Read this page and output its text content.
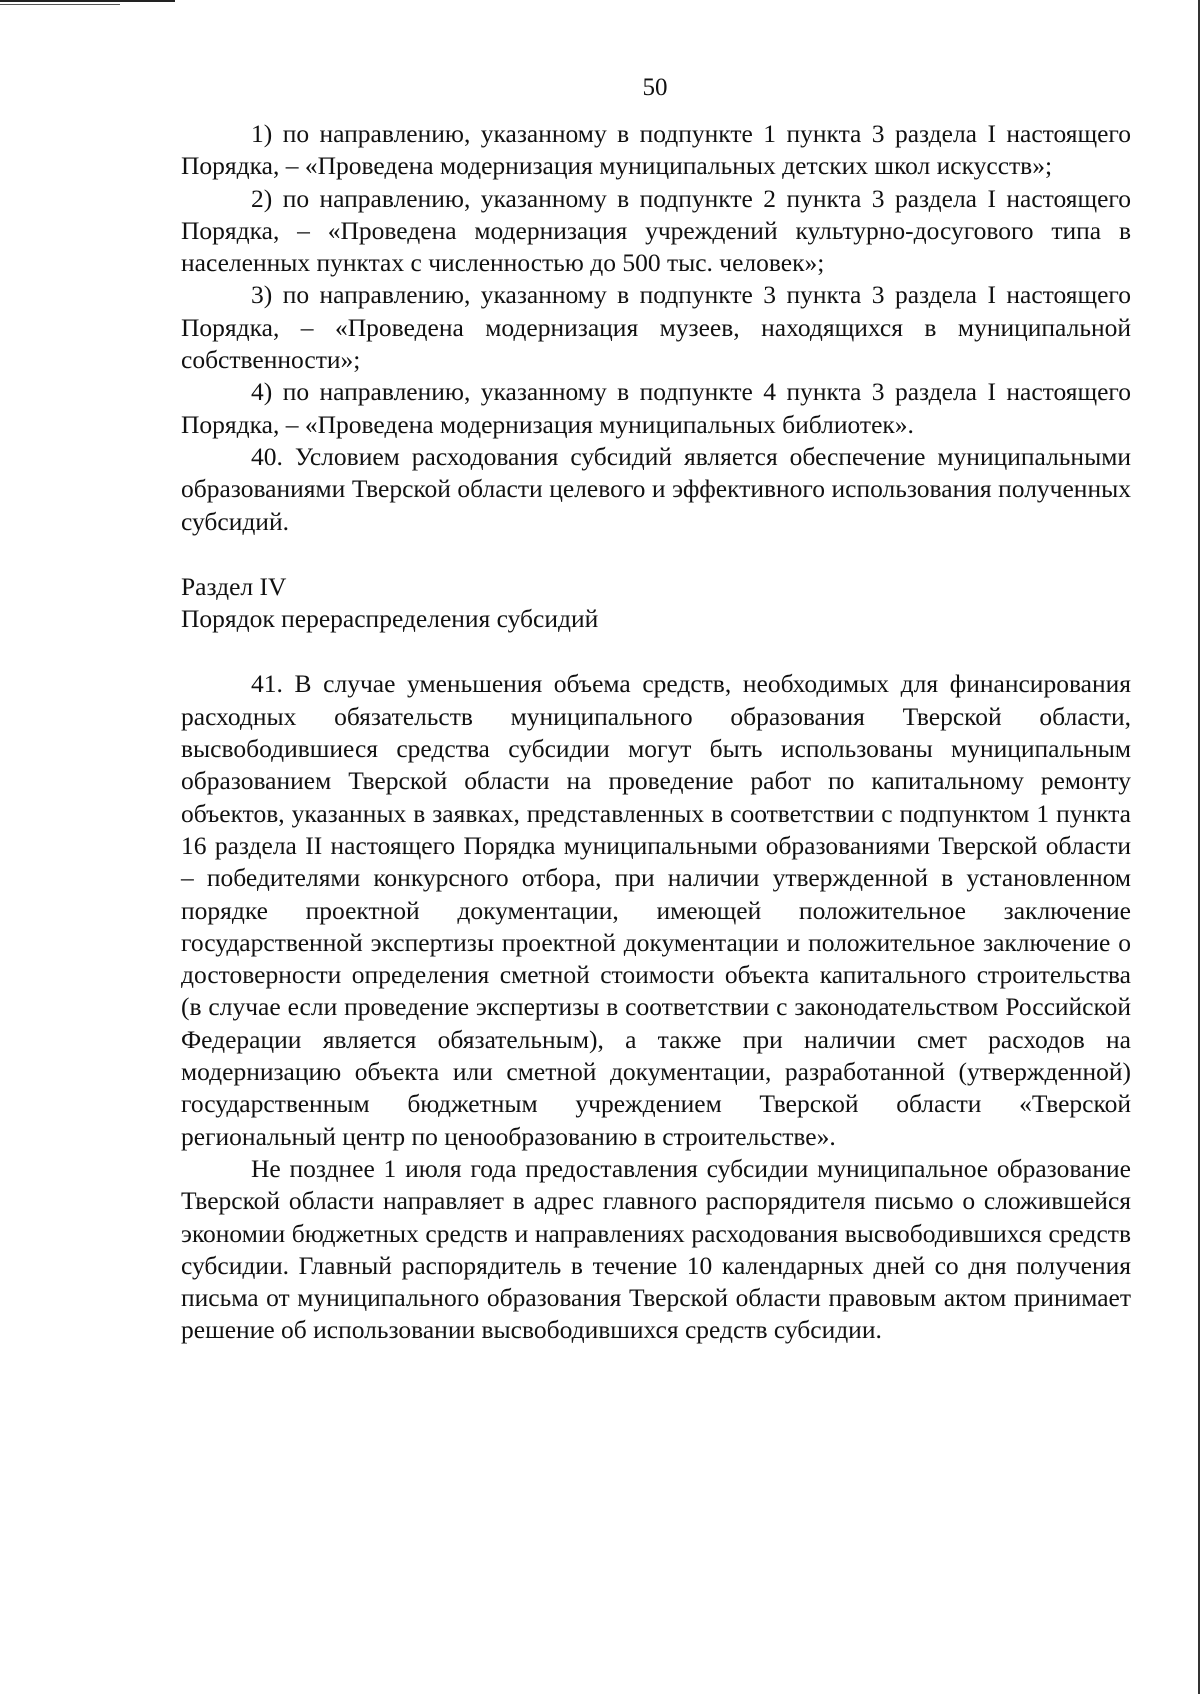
50

1) по направлению, указанному в подпункте 1 пункта 3 раздела I настоящего Порядка, – «Проведена модернизация муниципальных детских школ искусств»;

2) по направлению, указанному в подпункте 2 пункта 3 раздела I настоящего Порядка, – «Проведена модернизация учреждений культурно-досугового типа в населенных пунктах с численностью до 500 тыс. человек»;

3) по направлению, указанному в подпункте 3 пункта 3 раздела I настоящего Порядка, – «Проведена модернизация музеев, находящихся в муниципальной собственности»;

4) по направлению, указанному в подпункте 4 пункта 3 раздела I настоящего Порядка, – «Проведена модернизация муниципальных библиотек».

40. Условием расходования субсидий является обеспечение муниципальными образованиями Тверской области целевого и эффективного использования полученных субсидий.

Раздел IV

Порядок перераспределения субсидий

41. В случае уменьшения объема средств, необходимых для финансирования расходных обязательств муниципального образования Тверской области, высвободившиеся средства субсидии могут быть использованы муниципальным образованием Тверской области на проведение работ по капитальному ремонту объектов, указанных в заявках, представленных в соответствии с подпунктом 1 пункта 16 раздела II настоящего Порядка муниципальными образованиями Тверской области – победителями конкурсного отбора, при наличии утвержденной в установленном порядке проектной документации, имеющей положительное заключение государственной экспертизы проектной документации и положительное заключение о достоверности определения сметной стоимости объекта капитального строительства (в случае если проведение экспертизы в соответствии с законодательством Российской Федерации является обязательным), а также при наличии смет расходов на модернизацию объекта или сметной документации, разработанной (утвержденной) государственным бюджетным учреждением Тверской области «Тверской региональный центр по ценообразованию в строительстве».

Не позднее 1 июля года предоставления субсидии муниципальное образование Тверской области направляет в адрес главного распорядителя письмо о сложившейся экономии бюджетных средств и направлениях расходования высвободившихся средств субсидии. Главный распорядитель в течение 10 календарных дней со дня получения письма от муниципального образования Тверской области правовым актом принимает решение об использовании высвободившихся средств субсидии.
